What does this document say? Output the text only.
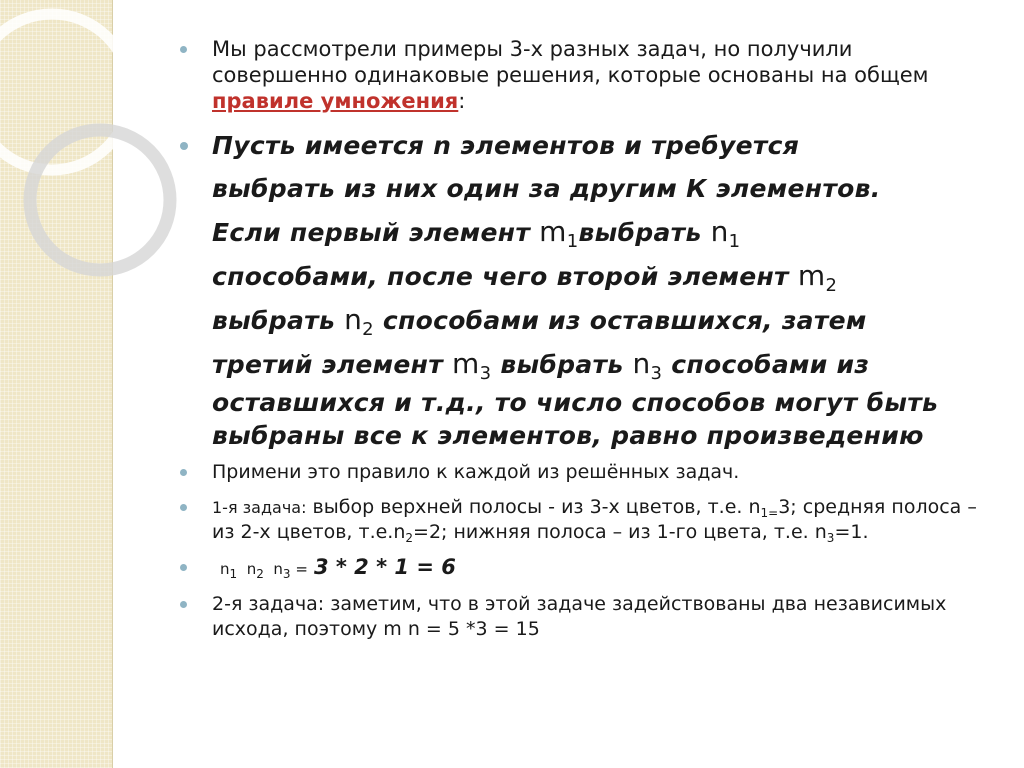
Мы рассмотрели примеры 3-х разных задач, но получили совершенно одинаковые решения, которые основаны на общем правиле умножения:
Пусть имеется n элементов и требуется
выбрать из них один за другим К элементов.
Если первый элемент $m_1выбрать$ $n_1$
способами, после чего второй элемент $m_2$
выбрать $n_2$ способами из оставшихся, затем
третий элемент $m_3$ выбрать $n_3$ способами из
оставшихся и т.д., то число способов могут быть выбраны все к элементов, равно произведению
Примени это правило к каждой из решённых задач.
1-я задача: выбор верхней полосы - из 3-х цветов, т.е. $n_{1=}3$; средняя полоса – из 2-х цветов, $т.е.n_2=2$; нижняя полоса – из 1-го цвета, т.е. $n_3=1$.
$n_1$ $n_2$ $n_3 = 3 * 2 * 1 = 6$
2-я задача: заметим, что в этой задаче задействованы два независимых исхода, поэтому m n = 5 *3 = 15
